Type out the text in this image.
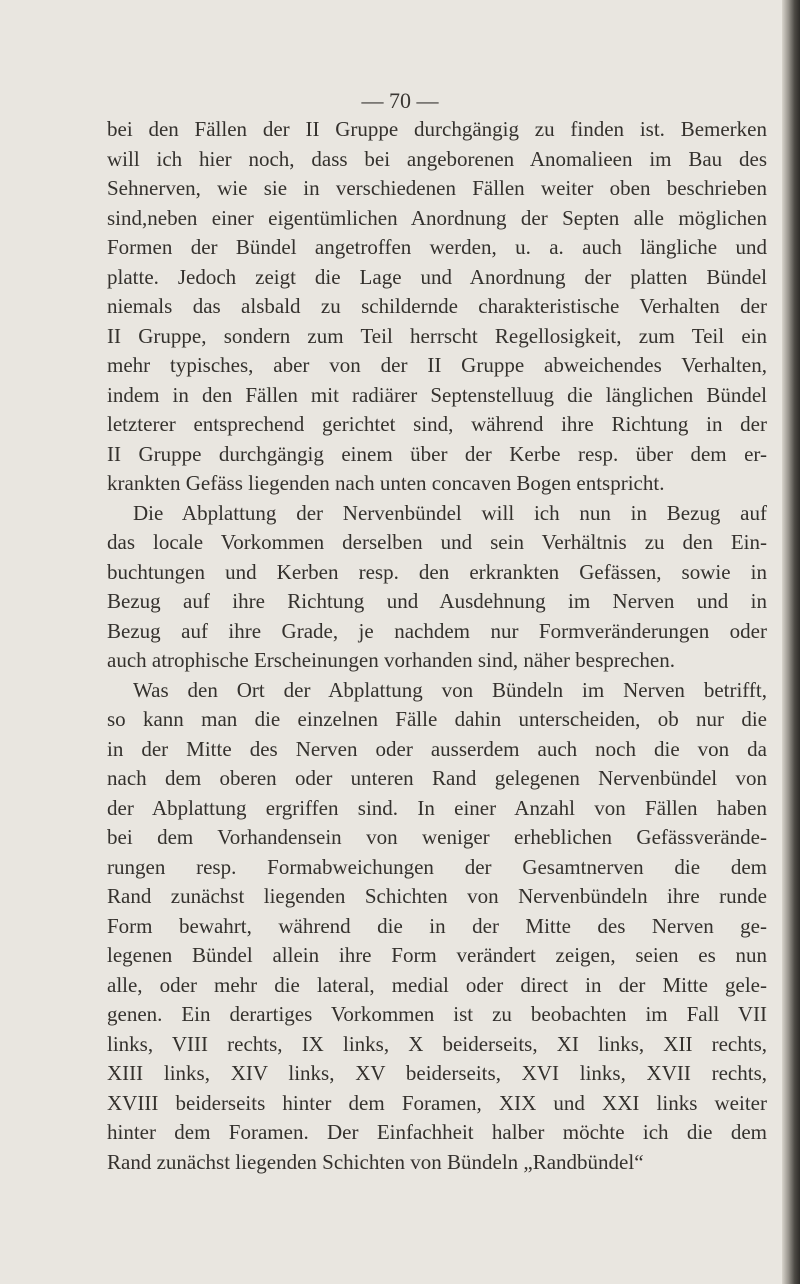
— 70 —
bei den Fällen der II Gruppe durchgängig zu finden ist. Bemerken
will ich hier noch, dass bei angeborenen Anomalieen im Bau des
Sehnerven, wie sie in verschiedenen Fällen weiter oben beschrieben
sind,neben einer eigentümlichen Anordnung der Septen alle möglichen
Formen der Bündel angetroffen werden, u. a. auch längliche und
platte. Jedoch zeigt die Lage und Anordnung der platten Bündel
niemals das alsbald zu schildernde charakteristische Verhalten der
II Gruppe, sondern zum Teil herrscht Regellosigkeit, zum Teil ein
mehr typisches, aber von der II Gruppe abweichendes Verhalten,
indem in den Fällen mit radiärer Septenstelluug die länglichen Bündel
letzterer entsprechend gerichtet sind, während ihre Richtung in der
II Gruppe durchgängig einem über der Kerbe resp. über dem er-
krankten Gefäss liegenden nach unten concaven Bogen entspricht.
Die Abplattung der Nervenbündel will ich nun in Bezug auf
das locale Vorkommen derselben und sein Verhältnis zu den Ein-
buchtungen und Kerben resp. den erkrankten Gefässen, sowie in
Bezug auf ihre Richtung und Ausdehnung im Nerven und in
Bezug auf ihre Grade, je nachdem nur Formveränderungen oder
auch atrophische Erscheinungen vorhanden sind, näher besprechen.
Was den Ort der Abplattung von Bündeln im Nerven betrifft,
so kann man die einzelnen Fälle dahin unterscheiden, ob nur die
in der Mitte des Nerven oder ausserdem auch noch die von da
nach dem oberen oder unteren Rand gelegenen Nervenbündel von
der Abplattung ergriffen sind. In einer Anzahl von Fällen haben
bei dem Vorhandensein von weniger erheblichen Gefässverände-
rungen resp. Formabweichungen der Gesamtnerven die dem
Rand zunächst liegenden Schichten von Nervenbündeln ihre runde
Form bewahrt, während die in der Mitte des Nerven ge-
legenen Bündel allein ihre Form verändert zeigen, seien es nun
alle, oder mehr die lateral, medial oder direct in der Mitte gele-
genen. Ein derartiges Vorkommen ist zu beobachten im Fall VII
links, VIII rechts, IX links, X beiderseits, XI links, XII rechts,
XIII links, XIV links, XV beiderseits, XVI links, XVII rechts,
XVIII beiderseits hinter dem Foramen, XIX und XXI links weiter
hinter dem Foramen. Der Einfachheit halber möchte ich die dem
Rand zunächst liegenden Schichten von Bündeln „Randbündel“
